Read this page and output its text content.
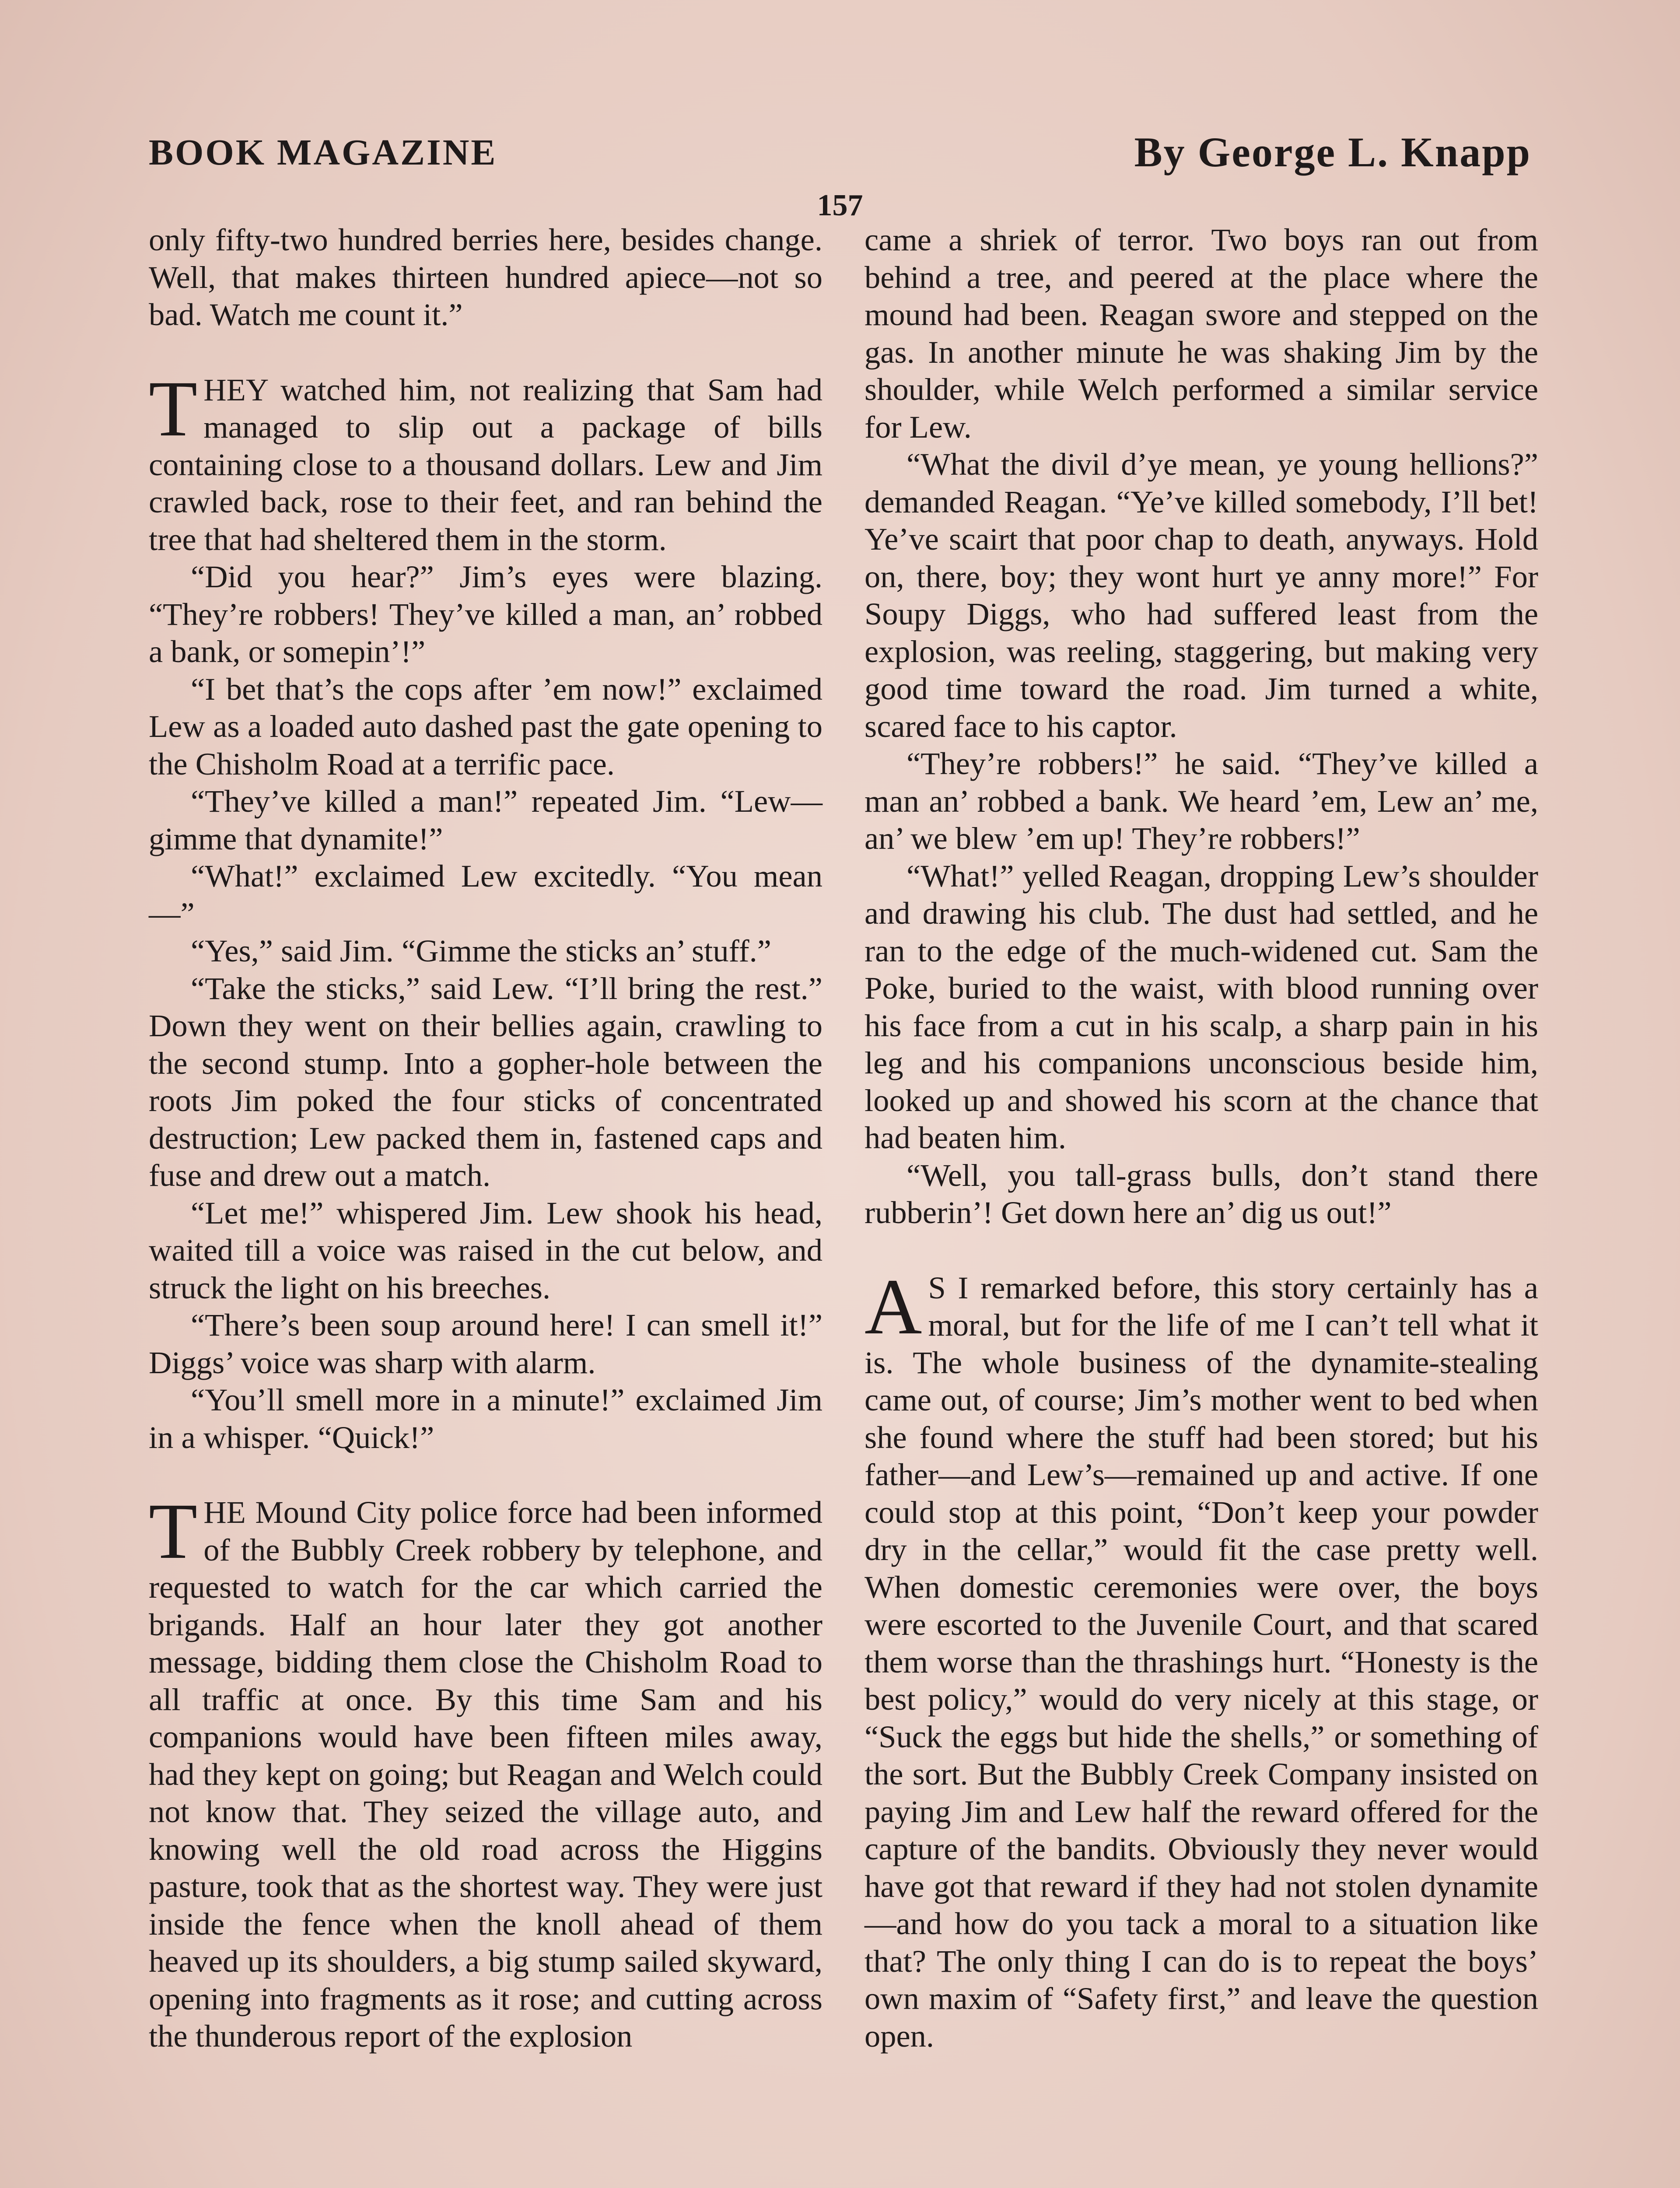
BOOK MAGAZINE	By George L. Knapp
157

only fifty-two hundred berries here, besides change. Well, that makes thirteen hundred apiece—not so bad. Watch me count it.”

THEY watched him, not realizing that Sam had managed to slip out a package of bills containing close to a thousand dollars. Lew and Jim crawled back, rose to their feet, and ran behind the tree that had sheltered them in the storm.

“Did you hear?” Jim’s eyes were blazing. “They’re robbers! They’ve killed a man, an’ robbed a bank, or somepin’!”

“I bet that’s the cops after ’em now!” exclaimed Lew as a loaded auto dashed past the gate opening to the Chisholm Road at a terrific pace.

“They’ve killed a man!” repeated Jim. “Lew—gimme that dynamite!”

“What!” exclaimed Lew excitedly. “You mean—”

“Yes,” said Jim. “Gimme the sticks an’ stuff.”

“Take the sticks,” said Lew. “I’ll bring the rest.” Down they went on their bellies again, crawling to the second stump. Into a gopher-hole between the roots Jim poked the four sticks of concentrated destruction; Lew packed them in, fastened caps and fuse and drew out a match.

“Let me!” whispered Jim. Lew shook his head, waited till a voice was raised in the cut below, and struck the light on his breeches.

“There’s been soup around here! I can smell it!” Diggs’ voice was sharp with alarm.

“You’ll smell more in a minute!” exclaimed Jim in a whisper. “Quick!”

THE Mound City police force had been informed of the Bubbly Creek robbery by telephone, and requested to watch for the car which carried the brigands. Half an hour later they got another message, bidding them close the Chisholm Road to all traffic at once. By this time Sam and his companions would have been fifteen miles away, had they kept on going; but Reagan and Welch could not know that. They seized the village auto, and knowing well the old road across the Higgins pasture, took that as the shortest way. They were just inside the fence when the knoll ahead of them heaved up its shoulders, a big stump sailed skyward, opening into fragments as it rose; and cutting across the thunderous report of the explosion

came a shriek of terror. Two boys ran out from behind a tree, and peered at the place where the mound had been. Reagan swore and stepped on the gas. In another minute he was shaking Jim by the shoulder, while Welch performed a similar service for Lew.

“What the divil d’ye mean, ye young hellions?” demanded Reagan. “Ye’ve killed somebody, I’ll bet! Ye’ve scairt that poor chap to death, anyways. Hold on, there, boy; they wont hurt ye anny more!” For Soupy Diggs, who had suffered least from the explosion, was reeling, staggering, but making very good time toward the road. Jim turned a white, scared face to his captor.

“They’re robbers!” he said. “They’ve killed a man an’ robbed a bank. We heard ’em, Lew an’ me, an’ we blew ’em up! They’re robbers!”

“What!” yelled Reagan, dropping Lew’s shoulder and drawing his club. The dust had settled, and he ran to the edge of the much-widened cut. Sam the Poke, buried to the waist, with blood running over his face from a cut in his scalp, a sharp pain in his leg and his companions unconscious beside him, looked up and showed his scorn at the chance that had beaten him.

“Well, you tall-grass bulls, don’t stand there rubberin’! Get down here an’ dig us out!”

A S I remarked before, this story certainly has a moral, but for the life of me I can’t tell what it is. The whole business of the dynamite-stealing came out, of course; Jim’s mother went to bed when she found where the stuff had been stored; but his father—and Lew’s—remained up and active. If one could stop at this point, “Don’t keep your powder dry in the cellar,” would fit the case pretty well. When domestic ceremonies were over, the boys were escorted to the Juvenile Court, and that scared them worse than the thrashings hurt. “Honesty is the best policy,” would do very nicely at this stage, or “Suck the eggs but hide the shells,” or something of the sort. But the Bubbly Creek Company insisted on paying Jim and Lew half the reward offered for the capture of the bandits. Obviously they never would have got that reward if they had not stolen dynamite—and how do you tack a moral to a situation like that? The only thing I can do is to repeat the boys’ own maxim of “Safety first,” and leave the question open.
